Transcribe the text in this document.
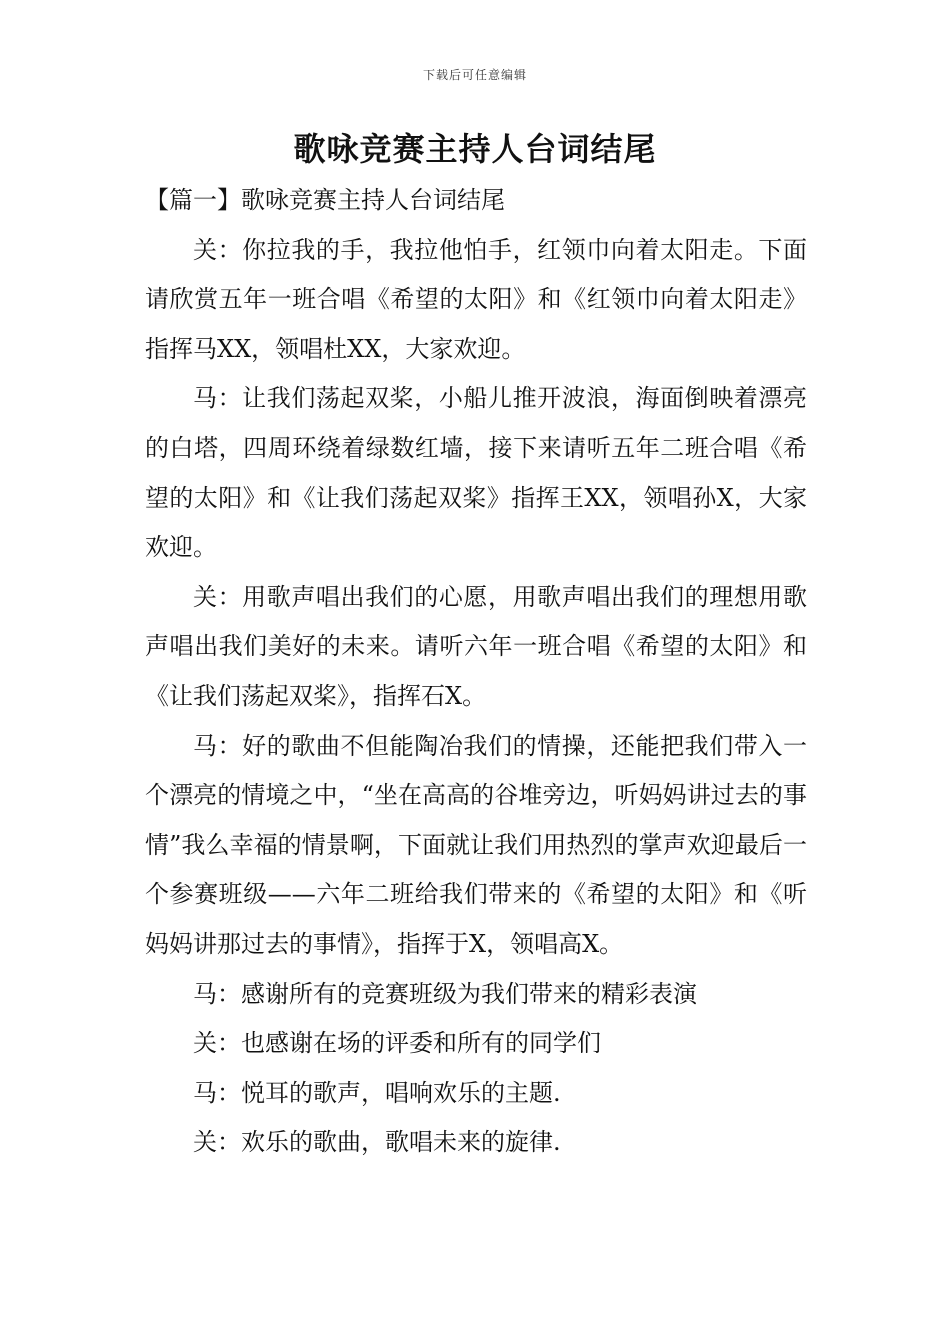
下载后可任意编辑
歌咏竞赛主持人台词结尾

【篇一】歌咏竞赛主持人台词结尾

关：你拉我的手，我拉他怕手，红领巾向着太阳走。下面请欣赏五年一班合唱《希望的太阳》和《红领巾向着太阳走》指挥马XX，领唱杜XX，大家欢迎。

马：让我们荡起双桨，小船儿推开波浪，海面倒映着漂亮的白塔，四周环绕着绿数红墙，接下来请听五年二班合唱《希望的太阳》和《让我们荡起双桨》指挥王XX，领唱孙X，大家欢迎。

关：用歌声唱出我们的心愿，用歌声唱出我们的理想用歌声唱出我们美好的未来。请听六年一班合唱《希望的太阳》和《让我们荡起双桨》，指挥石X。

马：好的歌曲不但能陶冶我们的情操，还能把我们带入一个漂亮的情境之中，“坐在高高的谷堆旁边，听妈妈讲过去的事情”我么幸福的情景啊，下面就让我们用热烈的掌声欢迎最后一个参赛班级——六年二班给我们带来的《希望的太阳》和《听妈妈讲那过去的事情》，指挥于X，领唱高X。

马：感谢所有的竞赛班级为我们带来的精彩表演

关：也感谢在场的评委和所有的同学们

马：悦耳的歌声，唱响欢乐的主题.

关：欢乐的歌曲，歌唱未来的旋律.
